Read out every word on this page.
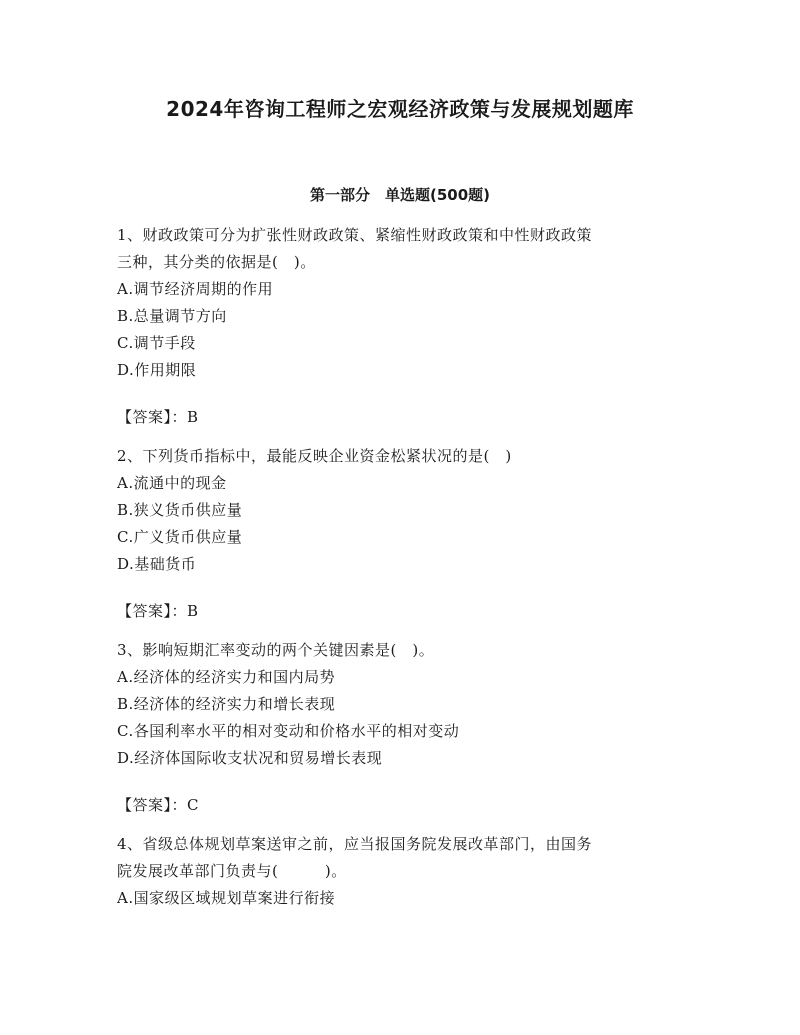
2024年咨询工程师之宏观经济政策与发展规划题库
第一部分　单选题(500题)
1、财政政策可分为扩张性财政政策、紧缩性财政政策和中性财政政策
三种，其分类的依据是(　)。
A.调节经济周期的作用
B.总量调节方向
C.调节手段
D.作用期限
【答案】：B
2、下列货币指标中，最能反映企业资金松紧状况的是(　)
A.流通中的现金
B.狭义货币供应量
C.广义货币供应量
D.基础货币
【答案】：B
3、影响短期汇率变动的两个关键因素是(　)。
A.经济体的经济实力和国内局势
B.经济体的经济实力和增长表现
C.各国利率水平的相对变动和价格水平的相对变动
D.经济体国际收支状况和贸易增长表现
【答案】：C
4、省级总体规划草案送审之前，应当报国务院发展改革部门，由国务
院发展改革部门负责与(　　　)。
A.国家级区域规划草案进行衔接
